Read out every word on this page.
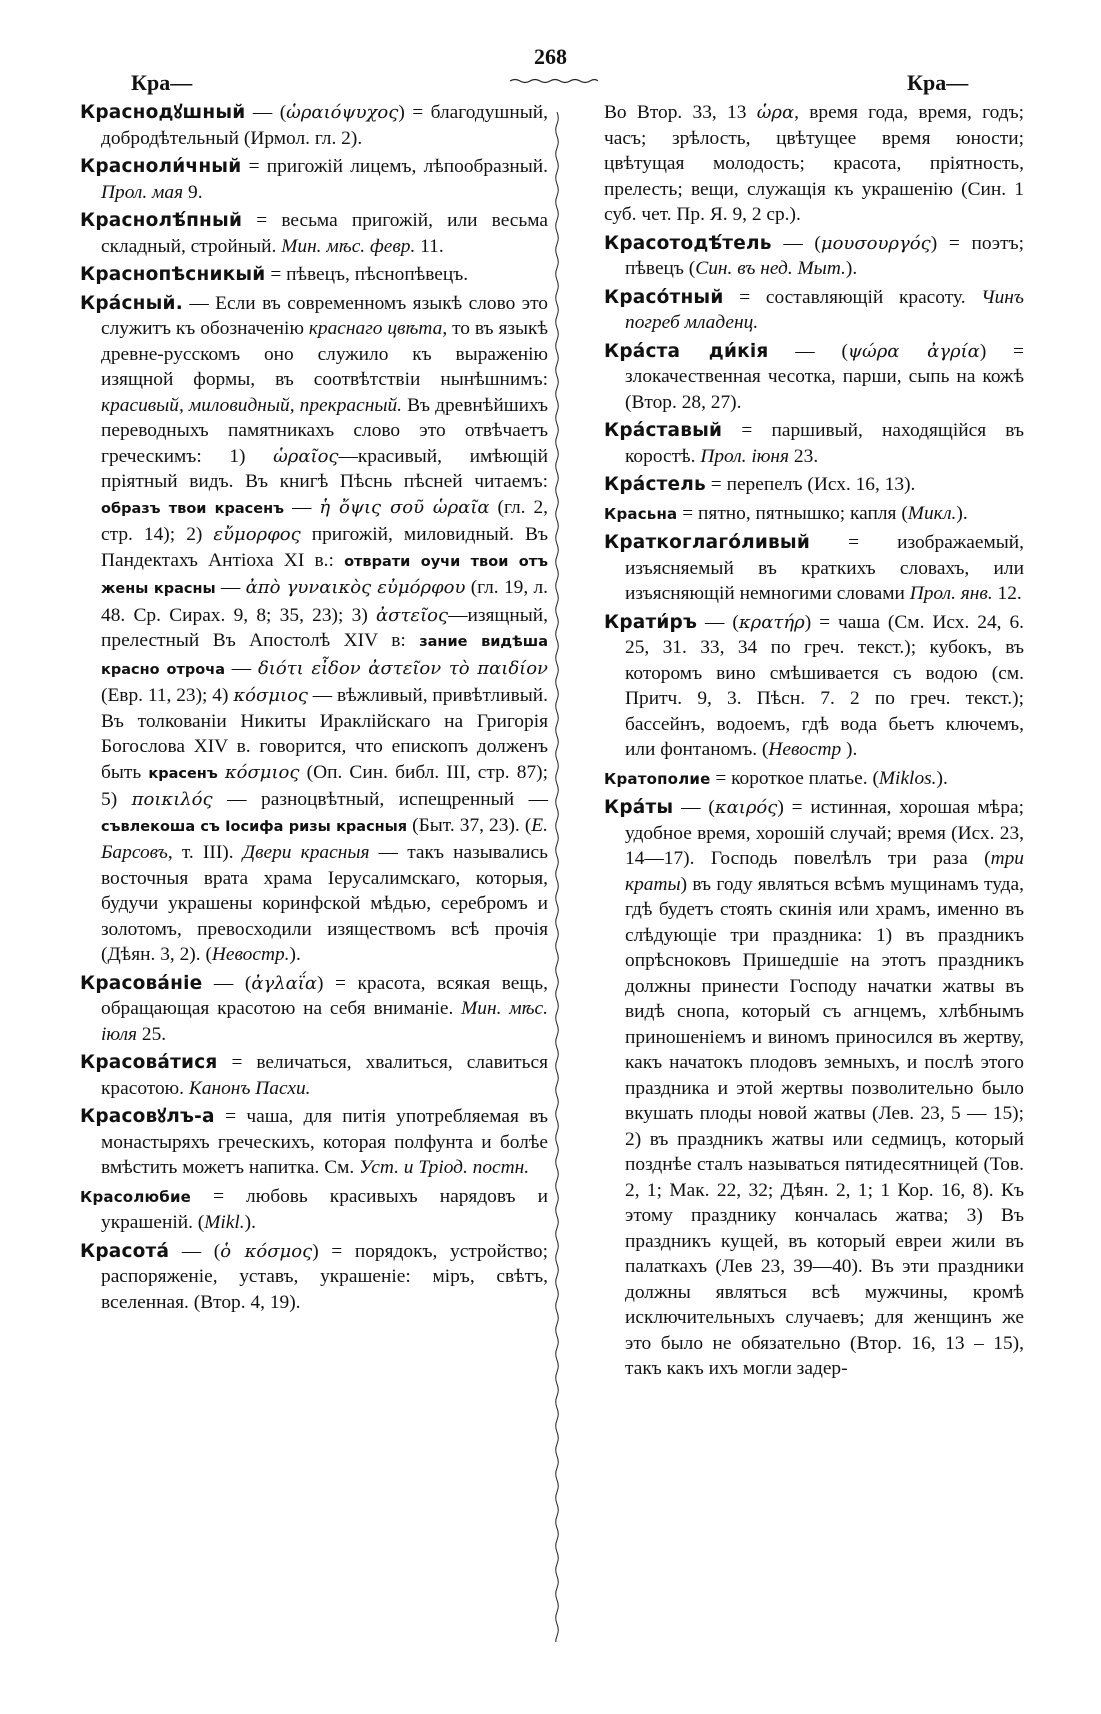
268
Кра—	Кра—

Краснодꙋшный — (ὡραιόψυχος) = благодушный, добродѣтельный (Ирмол. гл. 2).

Красноли́чный = пригожій лицемъ, лѣпообразный. Прол. мая 9.

Краснолѣ́пный = весьма пригожій, или весьма складный, стройный. Мин. мѣс. февр. 11.

Краснопѣсникый = пѣвецъ, пѣснопѣвецъ.

Кра́сный. — Если въ современномъ языкѣ слово это служитъ къ обозначенію краснаго цвѣта, то въ языкѣ древне-русскомъ оно служило къ выраженію изящной формы, въ соотвѣтствіи нынѣшнимъ: красивый, миловидный, прекрасный. Въ древнѣйшихъ переводныхъ памятникахъ слово это отвѣчаетъ греческимъ: 1) ὡραῖος—красивый, имѣющій пріятный видъ. Въ книгѣ Пѣснь пѣсней читаемъ: образъ твои красенъ — ἡ ὄψις σοῦ ὡραῖα (гл. 2, стр. 14); 2) εὔμορφος пригожій, миловидный. Въ Пандектахъ Антіоха XI в.: отврати оучи твои отъ жены красны — ἀπὸ γυναικὸς εὐμόρφου (гл. 19, л. 48. Ср. Сирах. 9, 8; 35, 23); 3) ἀστεῖος—изящный, прелестный Въ Апостолѣ XIV в: зание видѣша красно отроча — διότι εἶδον ἀστεῖον τὸ παιδίον (Евр. 11, 23); 4) κόσμιος — вѣжливый, привѣтливый. Въ толкованіи Никиты Ираклійскаго на Григорія Богослова XIV в. говорится, что епископъ долженъ быть красенъ κόσμιος (Оп. Син. библ. III, стр. 87); 5) ποικιλός — разноцвѣтный, испещренный — съвлекоша съ Іосифа ризы красныя (Быт. 37, 23). (Е. Барсовъ, т. III). Двери красныя — такъ назывались восточныя врата храма Іерусалимскаго, которыя, будучи украшены коринфской мѣдью, серебромъ и золотомъ, превосходили изяществомъ всѣ прочія (Дѣян. 3, 2). (Невостр.).

Красова́ніе — (ἀγλαΐα) = красота, всякая вещь, обращающая красотою на себя вниманіе. Мин. мѣс. іюля 25.

Красова́тися = величаться, хвалиться, славиться красотою. Канонъ Пасхи.

Красовꙋлъ-а = чаша, для питія употребляемая въ монастыряхъ греческихъ, которая полфунта и болѣе вмѣстить можетъ напитка. См. Уст. и Тріод. постн.

Красолюбие = любовь красивыхъ нарядовъ и украшеній. (Mikl.).

Красота́ — (ὁ κόσμος) = порядокъ, устройство; распоряженіе, уставъ, украшеніе: міръ, свѣтъ, вселенная. (Втор. 4, 19).

Во Втор. 33, 13 ὡρα, время года, время, годъ; часъ; зрѣлость, цвѣтущее время юности; цвѣтущая молодость; красота, пріятность, прелесть; вещи, служащія къ украшенію (Син. 1 суб. чет. Пр. Я. 9, 2 ср.).

Красотодѣ́тель — (μουσουργός) = поэтъ; пѣвецъ (Син. въ нед. Мыт.).

Красо́тный = составляющій красоту. Чинъ погреб младенц.

Кра́ста ди́кія — (ψώρα ἀγρία) = злокачественная чесотка, парши, сыпь на кожѣ (Втор. 28, 27).

Кра́ставый = паршивый, находящійся въ коростѣ. Прол. іюня 23.

Кра́стель = перепелъ (Исх. 16, 13).

Красьна = пятно, пятнышко; капля (Микл.).

Краткоглаго́ливый = изображаемый, изъясняемый въ краткихъ словахъ, или изъясняющій немногими словами Прол. янв. 12.

Крати́ръ — (κρατήρ) = чаша (См. Исх. 24, 6. 25, 31. 33, 34 по греч. текст.); кубокъ, въ которомъ вино смѣшивается съ водою (см. Притч. 9, 3. Пѣсн. 7. 2 по греч. текст.); бассейнъ, водоемъ, гдѣ вода бьетъ ключемъ, или фонтаномъ. (Невостр ).

Кратополие = короткое платье. (Miklos.).

Кра́ты — (καιρός) = истинная, хорошая мѣра; удобное время, хорошій случай; время (Исх. 23, 14—17). Господь повелѣлъ три раза (три краты) въ году являться всѣмъ мущинамъ туда, гдѣ будетъ стоять скинія или храмъ, именно въ слѣдующіе три праздника: 1) въ праздникъ опрѣсноковъ Пришедшіе на этотъ праздникъ должны принести Господу начатки жатвы въ видѣ снопа, который съ агнцемъ, хлѣбнымъ приношеніемъ и виномъ приносился въ жертву, какъ начатокъ плодовъ земныхъ, и послѣ этого праздника и этой жертвы позволительно было вкушать плоды новой жатвы (Лев. 23, 5 — 15); 2) въ праздникъ жатвы или седмицъ, который позднѣе сталъ называться пятидесятницей (Тов. 2, 1; Мак. 22, 32; Дѣян. 2, 1; 1 Кор. 16, 8). Къ этому празднику кончалась жатва; 3) Въ праздникъ кущей, въ который евреи жили въ палаткахъ (Лев 23, 39—40). Въ эти праздники должны являться всѣ мужчины, кромѣ исключительныхъ случаевъ; для женщинъ же это было не обязательно (Втор. 16, 13 – 15), такъ какъ ихъ могли задер-
